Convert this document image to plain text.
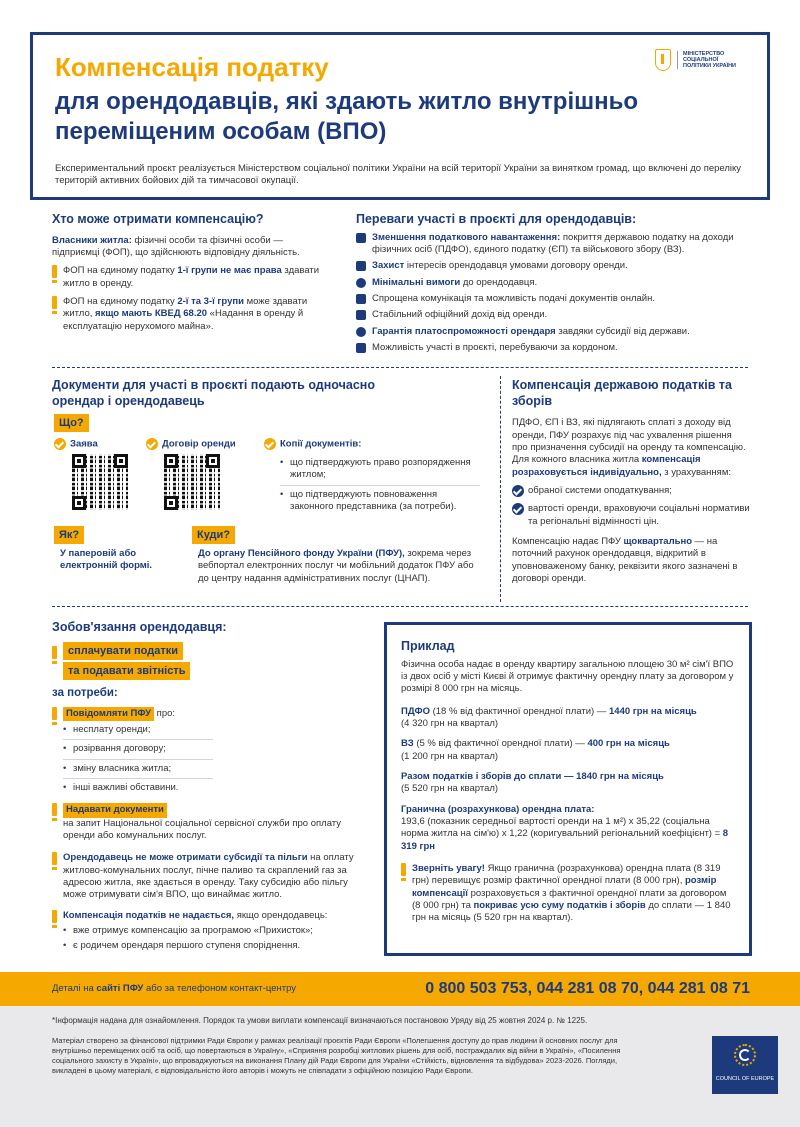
Компенсація податку
для орендодавців, які здають житло внутрішньо переміщеним особам (ВПО)
Експериментальний проєкт реалізується Міністерством соціальної політики України на всій території України за винятком громад, що включені до переліку територій активних бойових дій та тимчасової окупації.
МІНІСТЕРСТВО СОЦІАЛЬНОЇ ПОЛІТИКИ УКРАЇНИ
Хто може отримати компенсацію?
Власники житла: фізичні особи та фізичні особи — підприємці (ФОП), що здійснюють відповідну діяльність.
ФОП на єдиному податку 1-ї групи не має права здавати житло в оренду.
ФОП на єдиному податку 2-ї та 3-ї групи може здавати житло, якщо мають КВЕД 68.20 «Надання в оренду й експлуатацію нерухомого майна».
Переваги участі в проєкті для орендодавців:
Зменшення податкового навантаження: покриття державою податку на доходи фізичних осіб (ПДФО), єдиного податку (ЄП) та військового збору (ВЗ).
Захист інтересів орендодавця умовами договору оренди.
Мінімальні вимоги до орендодавця.
Спрощена комунікація та можливість подачі документів онлайн.
Стабільний офіційний дохід від оренди.
Гарантія платоспроможності орендаря завдяки субсидії від держави.
Можливість участі в проєкті, перебуваючи за кордоном.
Документи для участі в проєкті подають одночасно орендар і орендодавець
Що?
Заява	Договір оренди	Копії документів:
• що підтверджують право розпорядження житлом;
• що підтверджують повноваження законного представника (за потреби).
Як?
У паперовій або електронній формі.
Куди?
До органу Пенсійного фонду України (ПФУ), зокрема через вебпортал електронних послуг чи мобільний додаток ПФУ або до центру надання адміністративних послуг (ЦНАП).
Компенсація державою податків та зборів
ПДФО, ЄП і ВЗ, які підлягають сплаті з доходу від оренди, ПФУ розрахує під час ухвалення рішення про призначення субсидії на оренду та компенсацію. Для кожного власника житла компенсація розраховується індивідуально, з урахуванням:
обраної системи оподаткування;
вартості оренди, враховуючи соціальні нормативи та регіональні відмінності цін.
Компенсацію надає ПФУ щоквартально — на поточний рахунок орендодавця, відкритий в уповноваженому банку, реквізити якого зазначені в договорі оренди.
Зобов'язання орендодавця:
сплачувати податки
та подавати звітність
за потреби:
Повідомляти ПФУ про:
• несплату оренди;
• розірвання договору;
• зміну власника житла;
• інші важливі обставини.
Надавати документи
на запит Національної соціальної сервісної служби про оплату оренди або комунальних послуг.
Орендодавець не може отримати субсидії та пільги на оплату житлово-комунальних послуг, пічне паливо та скраплений газ за адресою житла, яке здається в оренду. Таку субсидію або пільгу може отримувати сім'я ВПО, що винаймає житло.
Компенсація податків не надається, якщо орендодавець:
• вже отримує компенсацію за програмою «Прихисток»;
• є родичем орендаря першого ступеня споріднення.
Приклад
Фізична особа надає в оренду квартиру загальною площею 30 м² сім'ї ВПО із двох осіб у місті Києві й отримує фактичну орендну плату за договором у розмірі 8 000 грн на місяць.
ПДФО (18 % від фактичної орендної плати) — 1440 грн на місяць
(4 320 грн на квартал)
ВЗ (5 % від фактичної орендної плати) — 400 грн на місяць
(1 200 грн на квартал)
Разом податків і зборів до сплати — 1840 грн на місяць
(5 520 грн на квартал)
Гранична (розрахункова) орендна плата:
193,6 (показник середньої вартості оренди на 1 м²) х 35,22 (соціальна норма житла на сім'ю) х 1,22 (коригувальний регіональний коефіцієнт) = 8 319 грн
Зверніть увагу! Якщо гранична (розрахункова) орендна плата (8 319 грн) перевищує розмір фактичної орендної плати (8 000 грн), розмір компенсації розраховується з фактичної орендної плати за договором (8 000 грн) та покриває усю суму податків і зборів до сплати — 1 840 грн на місяць (5 520 грн на квартал).
Деталі на сайті ПФУ або за телефоном контакт-центру	0 800 503 753, 044 281 08 70, 044 281 08 71
*Інформація надана для ознайомлення. Порядок та умови виплати компенсації визначаються постановою Уряду від 25 жовтня 2024 р. № 1225.
Матеріал створено за фінансової підтримки Ради Європи у рамках реалізації проєктів Ради Європи «Полегшення доступу до прав людини й основних послуг для внутрішньо переміщених осіб та осіб, що повертаються в Україну», «Сприяння розробці житлових рішень для осіб, постраждалих від війни в Україні», «Посилення соціального захисту в Україні», що впроваджуються на виконання Плану дій Ради Європи для України «Стійкість, відновлення та відбудова» 2023-2026. Погляди, викладені в цьому матеріалі, є відповідальністю його авторів і можуть не співпадати з офіційною позицією Ради Європи.
COUNCIL OF EUROPE
